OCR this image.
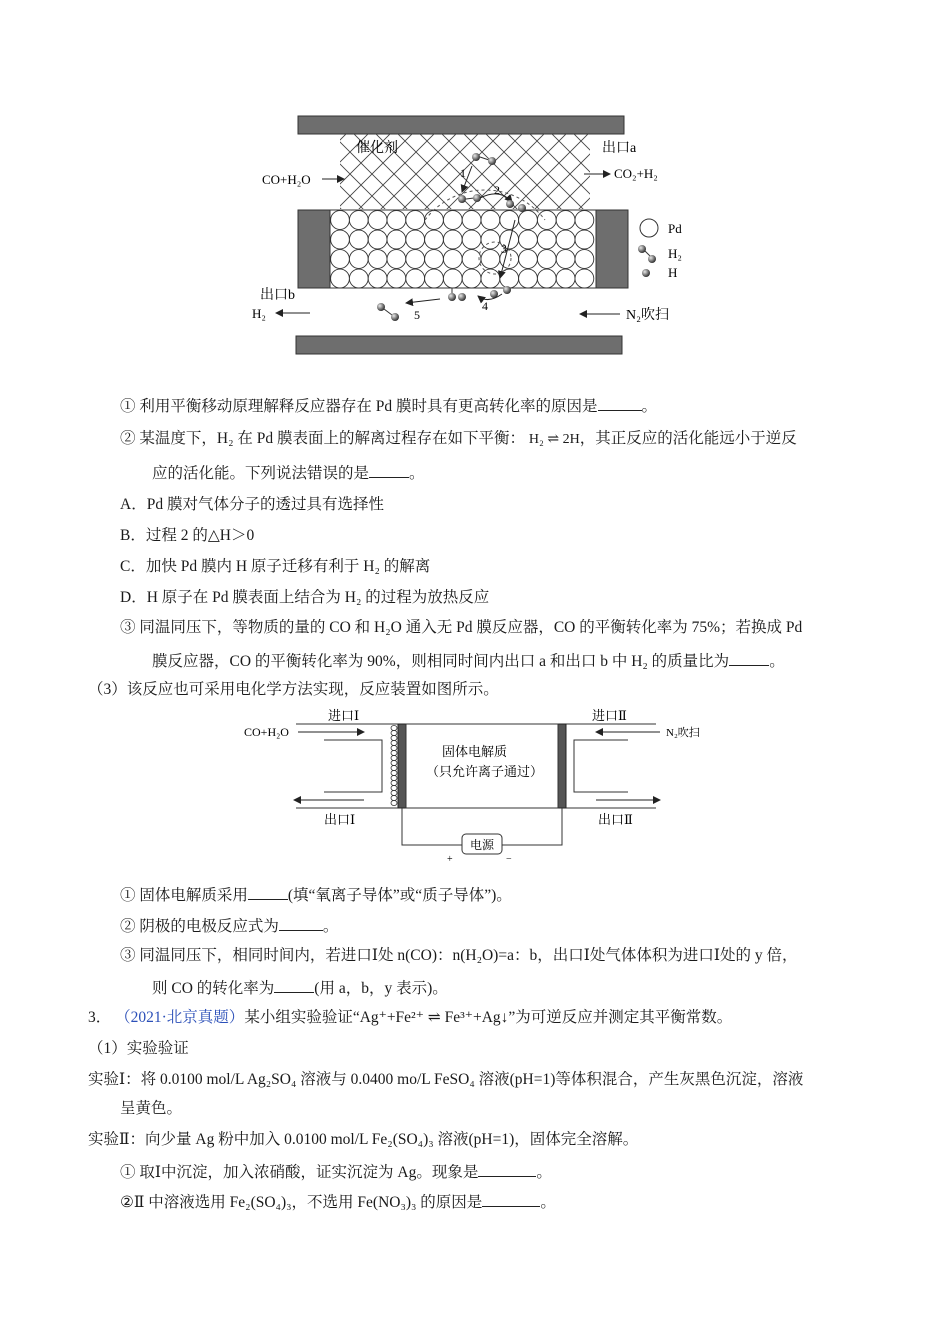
催化剂	出口a
CO₂+H₂
CO+H₂O	1
2
3
4
5
出口b
H₂	N₂吹扫
Pd
H₂
H
① 利用平衡移动原理解释反应器存在 Pd 膜时具有更高转化率的原因是	。
② 某温度下，H₂ 在 Pd 膜表面上的解离过程存在如下平衡： H₂ ⇌ 2H，其正反应的活化能远小于逆反
应的活化能。下列说法错误的是	。
A．Pd 膜对气体分子的透过具有选择性
B．过程 2 的△H＞0
C．加快 Pd 膜内 H 原子迁移有利于 H₂ 的解离
D．H 原子在 Pd 膜表面上结合为 H₂ 的过程为放热反应
③ 同温同压下，等物质的量的 CO 和 H₂O 通入无 Pd 膜反应器，CO 的平衡转化率为 75%；若换成 Pd
膜反应器，CO 的平衡转化率为 90%，则相同时间内出口 a 和出口 b 中 H₂ 的质量比为	。
（3）该反应也可采用电化学方法实现，反应装置如图所示。
进口Ⅰ	进口Ⅱ
CO+H₂O	N₂吹扫
固体电解质
（只允许离子通过）
出口Ⅰ	出口Ⅱ
电源
+	−
① 固体电解质采用	(填“氧离子导体”或“质子导体”)。
② 阴极的电极反应式为	。
③ 同温同压下，相同时间内，若进口Ⅰ处 n(CO)：n(H₂O)=a：b，出口Ⅰ处气体体积为进口Ⅰ处的 y 倍，
则 CO 的转化率为	(用 a，b，y 表示)。
3． （2021·北京真题）某小组实验验证“Ag⁺+Fe²⁺ ⇌ Fe³⁺+Ag↓”为可逆反应并测定其平衡常数。
（1）实验验证
实验Ⅰ：将 0.0100 mol/L Ag₂SO₄ 溶液与 0.0400 mo/L FeSO₄ 溶液(pH=1)等体积混合，产生灰黑色沉淀，溶液
呈黄色。
实验Ⅱ：向少量 Ag 粉中加入 0.0100 mol/L Fe₂(SO₄)₃ 溶液(pH=1)，固体完全溶解。
① 取Ⅰ中沉淀，加入浓硝酸，证实沉淀为 Ag。现象是	。
②Ⅱ 中溶液选用 Fe₂(SO₄)₃，不选用 Fe(NO₃)₃ 的原因是	。
